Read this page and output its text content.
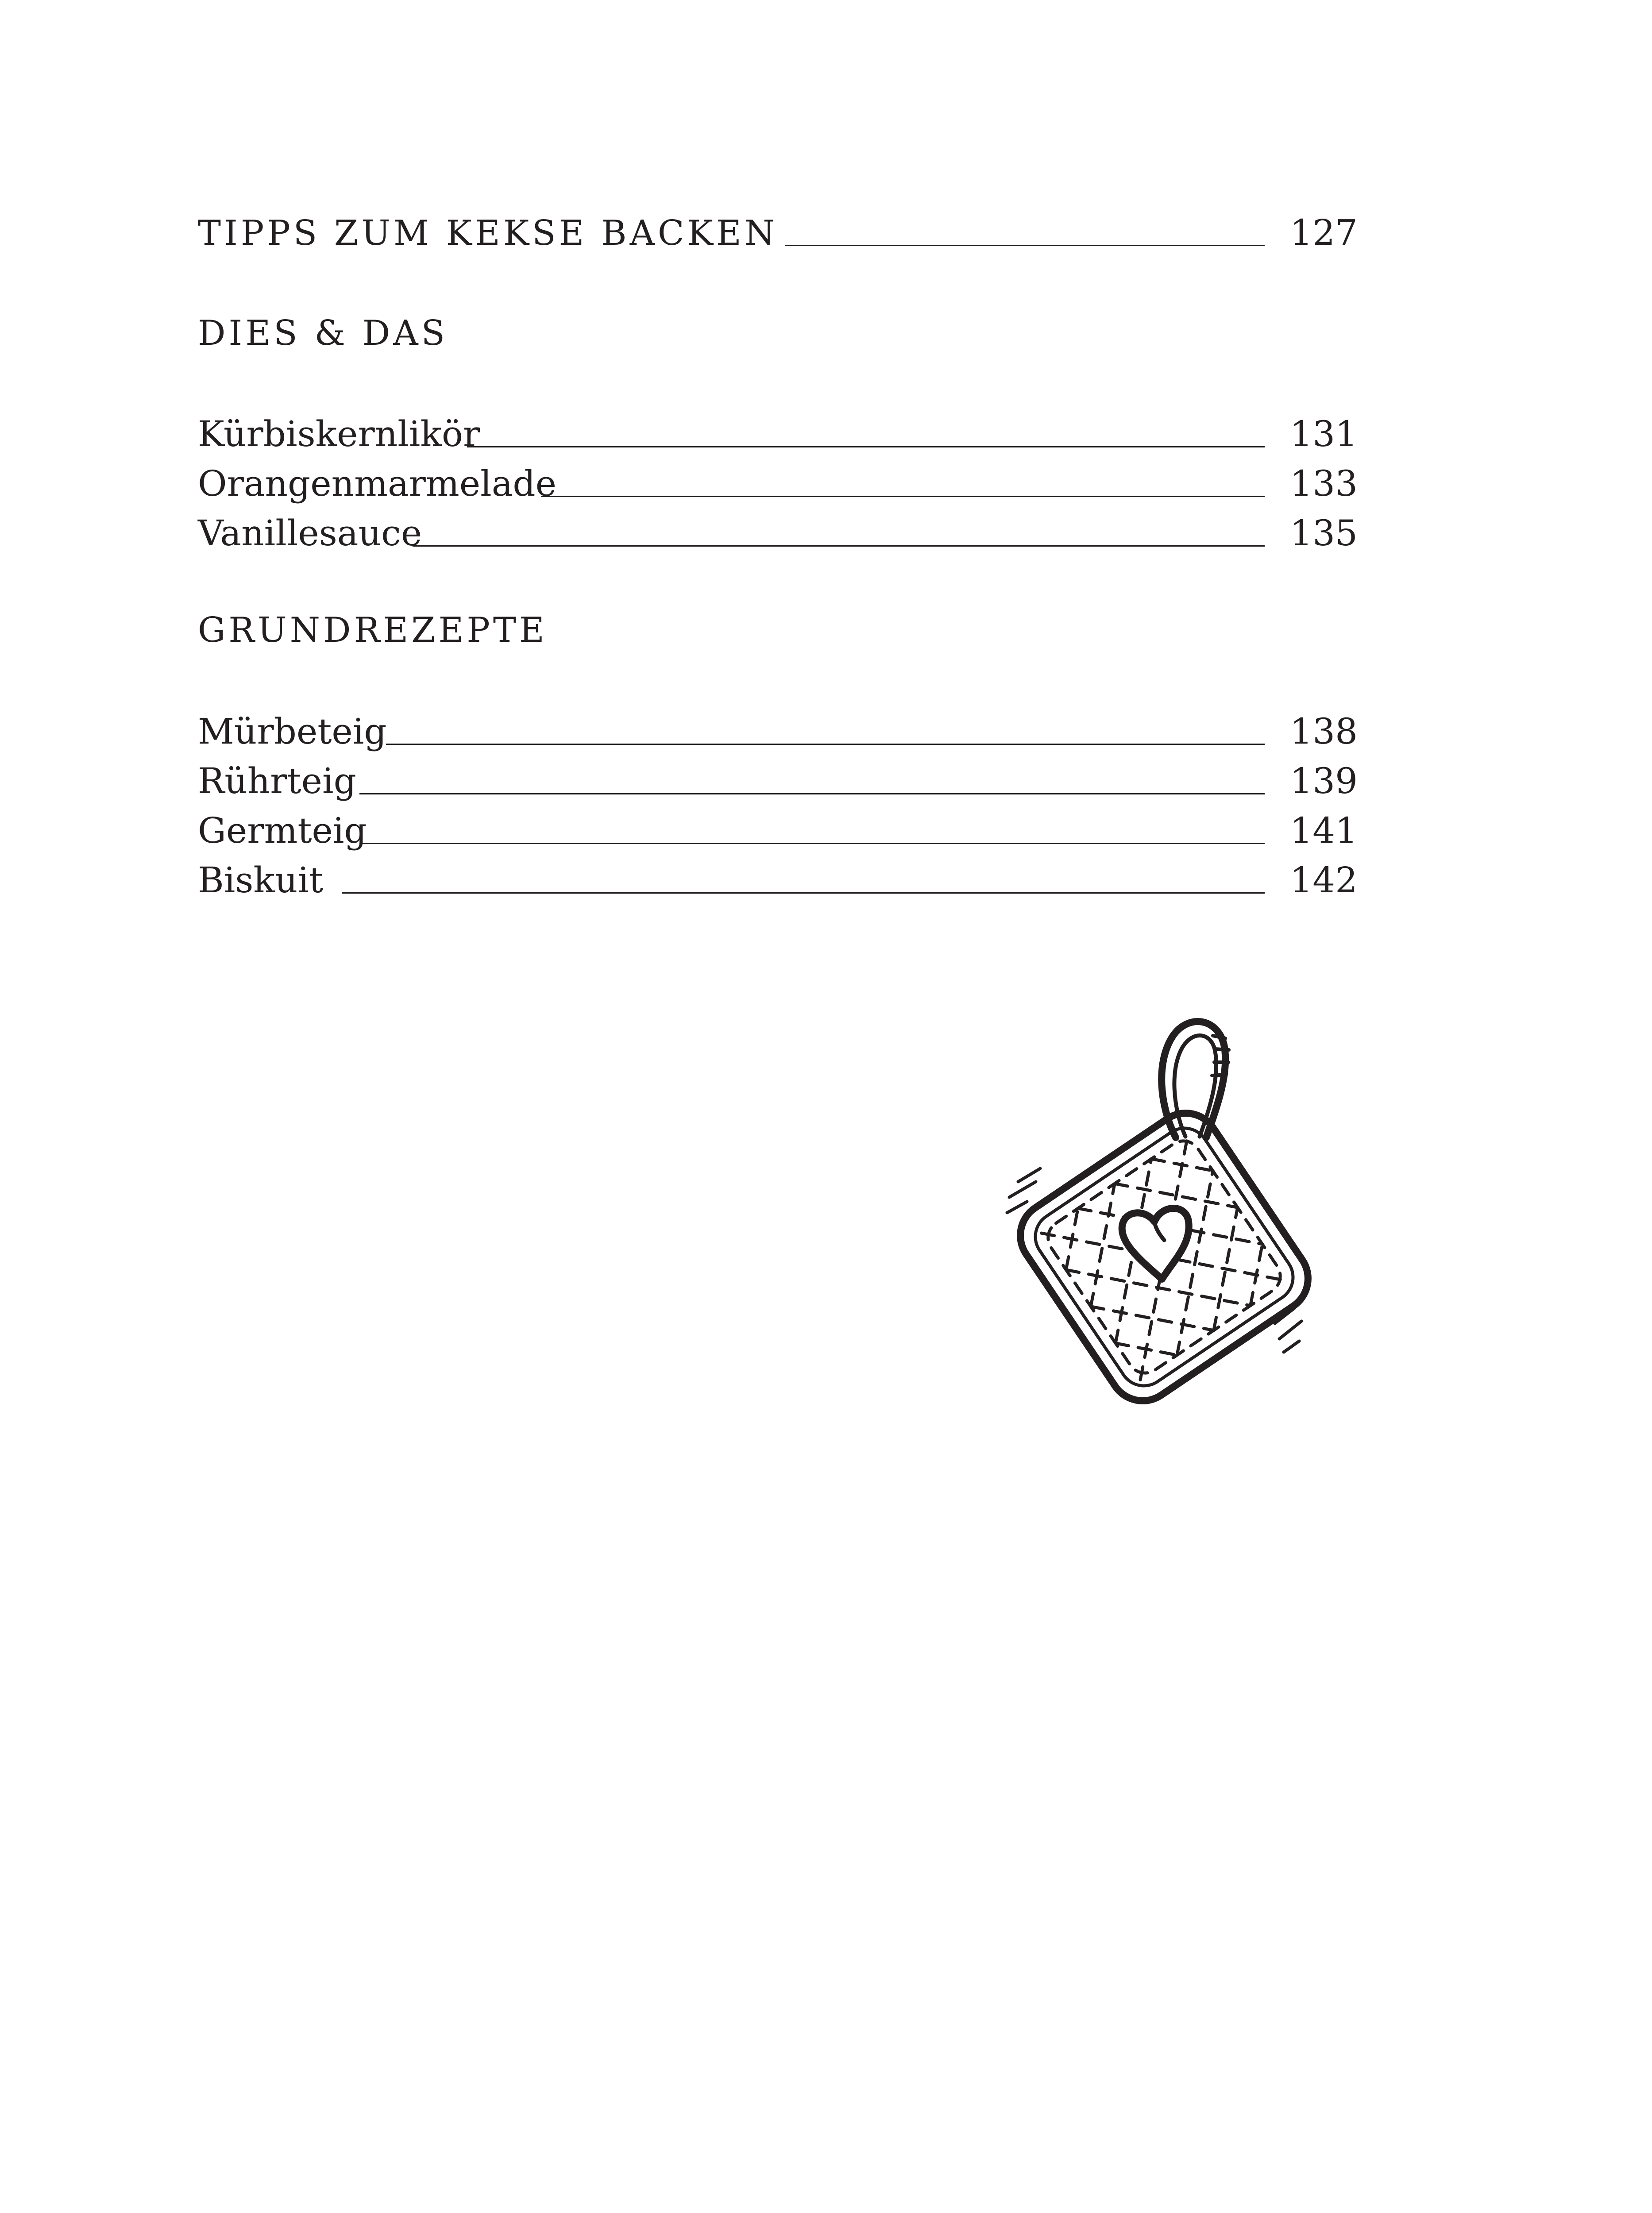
TIPPS ZUM KEKSE BACKEN	127
DIES & DAS
Kürbiskernlikör	131
Orangenmarmelade	133
Vanillesauce	135
GRUNDREZEPTE
Mürbeteig	138
Rührteig	139
Germteig	141
Biskuit	142
